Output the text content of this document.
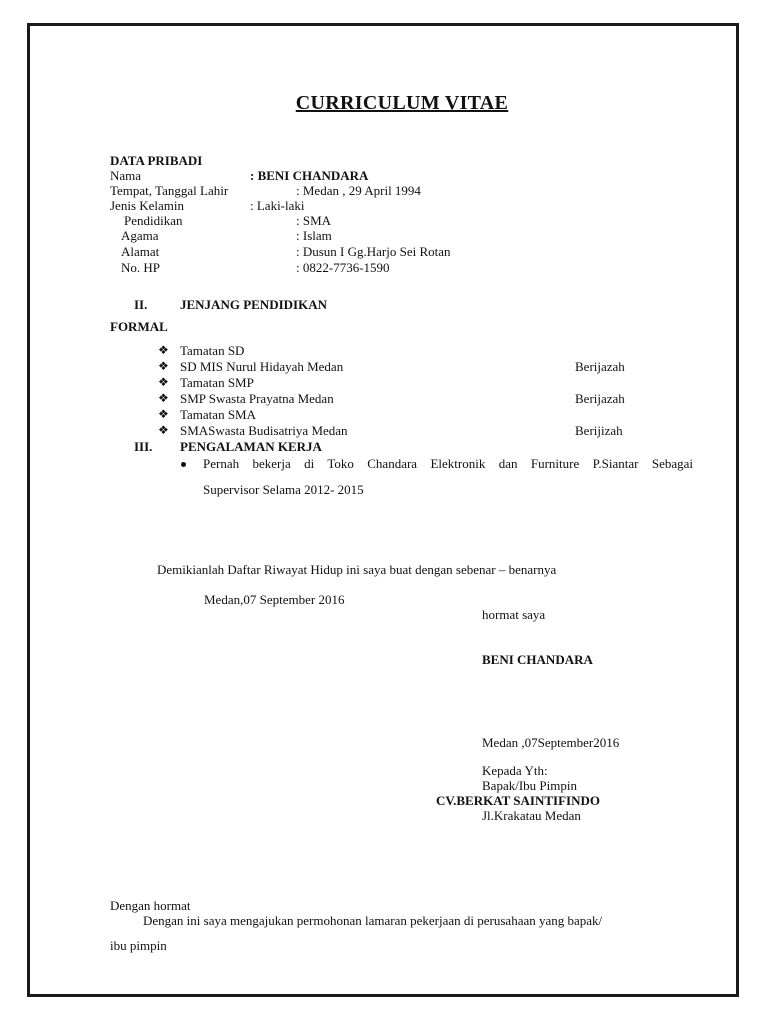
CURRICULUM VITAE
DATA PRIBADI
Nama	: BENI CHANDARA
Tempat, Tanggal Lahir	: Medan , 29 April 1994
Jenis Kelamin	: Laki-laki
Pendidikan	: SMA
Agama	: Islam
Alamat	: Dusun I Gg.Harjo Sei Rotan
No. HP	: 0822-7736-1590
II.	JENJANG PENDIDIKAN
FORMAL
❖ Tamatan SD
❖ SD MIS Nurul Hidayah Medan	Berijazah
❖ Tamatan SMP
❖ SMP Swasta Prayatna Medan	Berijazah
❖ Tamatan SMA
❖ SMASwasta Budisatriya Medan	Berijizah
III. PENGALAMAN KERJA
Pernah bekerja di Toko Chandara Elektronik dan Furniture P.Siantar Sebagai
Supervisor Selama 2012- 2015
Demikianlah Daftar Riwayat Hidup ini saya buat dengan sebenar – benarnya
Medan,07 September 2016
hormat saya
BENI CHANDARA
Medan ,07September2016
Kepada Yth:
Bapak/Ibu Pimpin
CV.BERKAT SAINTIFINDO
Jl.Krakatau Medan
Dengan hormat
Dengan ini saya mengajukan permohonan lamaran pekerjaan di perusahaan yang bapak/
ibu pimpin
